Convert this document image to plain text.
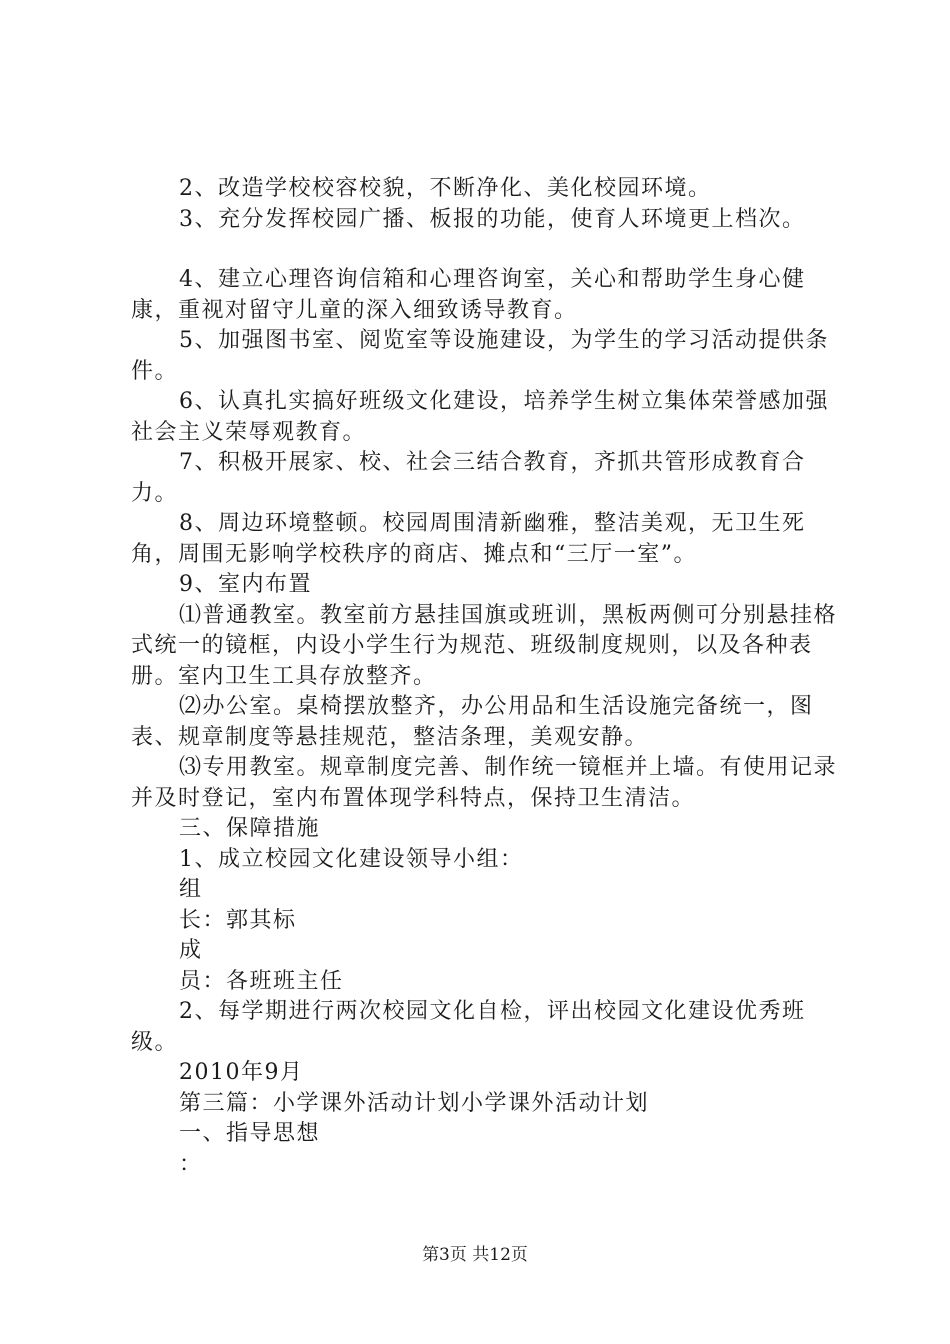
2、改造学校校容校貌，不断净化、美化校园环境。

3、充分发挥校园广播、板报的功能，使育人环境更上档次。

4、建立心理咨询信箱和心理咨询室，关心和帮助学生身心健康，重视对留守儿童的深入细致诱导教育。

5、加强图书室、阅览室等设施建设，为学生的学习活动提供条件。

6、认真扎实搞好班级文化建设，培养学生树立集体荣誉感加强社会主义荣辱观教育。

7、积极开展家、校、社会三结合教育，齐抓共管形成教育合力。

8、周边环境整顿。校园周围清新幽雅，整洁美观，无卫生死角，周围无影响学校秩序的商店、摊点和“三厅一室”。

9、室内布置

⑴普通教室。教室前方悬挂国旗或班训，黑板两侧可分别悬挂格式统一的镜框，内设小学生行为规范、班级制度规则，以及各种表册。室内卫生工具存放整齐。

⑵办公室。桌椅摆放整齐，办公用品和生活设施完备统一，图表、规章制度等悬挂规范，整洁条理，美观安静。

⑶专用教室。规章制度完善、制作统一镜框并上墙。有使用记录并及时登记，室内布置体现学科特点，保持卫生清洁。

三、保障措施

1、成立校园文化建设领导小组：

组

长：郭其标

成

员：各班班主任

2、每学期进行两次校园文化自检，评出校园文化建设优秀班级。

2010年9月

第三篇：小学课外活动计划小学课外活动计划

一、指导思想

：

第3页 共12页
